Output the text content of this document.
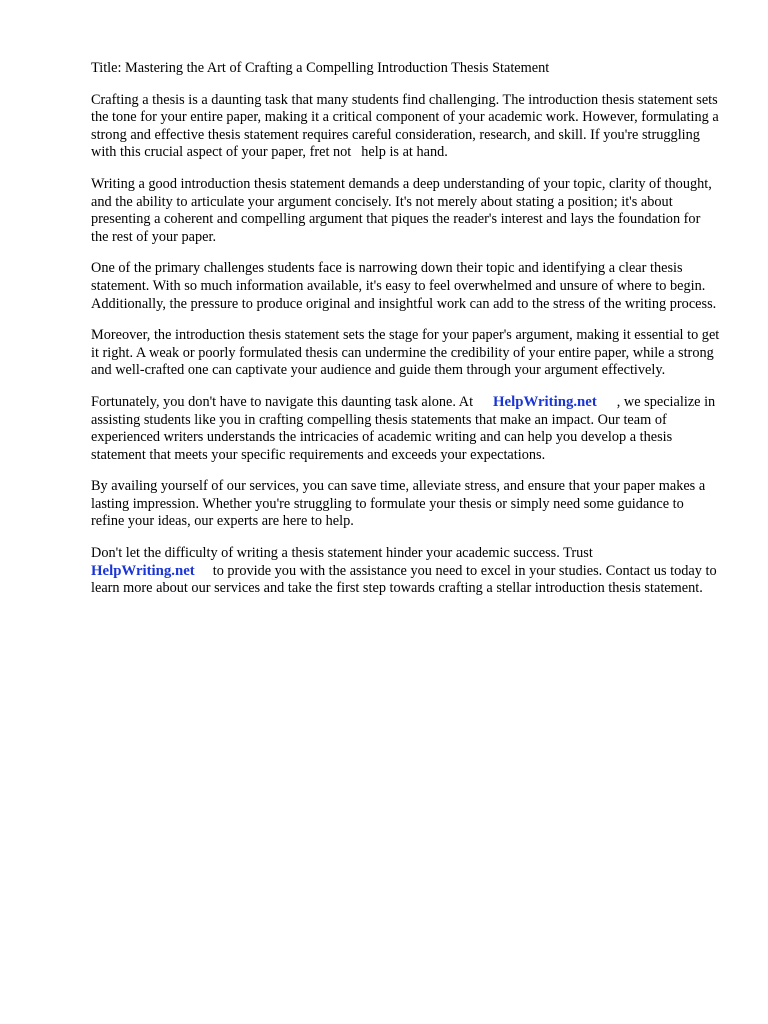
Title: Mastering the Art of Crafting a Compelling Introduction Thesis Statement

Crafting a thesis is a daunting task that many students find challenging. The introduction thesis statement sets the tone for your entire paper, making it a critical component of your academic work. However, formulating a strong and effective thesis statement requires careful consideration, research, and skill. If you're struggling with this crucial aspect of your paper, fret not help is at hand.

Writing a good introduction thesis statement demands a deep understanding of your topic, clarity of thought, and the ability to articulate your argument concisely. It's not merely about stating a position; it's about presenting a coherent and compelling argument that piques the reader's interest and lays the foundation for the rest of your paper.

One of the primary challenges students face is narrowing down their topic and identifying a clear thesis statement. With so much information available, it's easy to feel overwhelmed and unsure of where to begin. Additionally, the pressure to produce original and insightful work can add to the stress of the writing process.

Moreover, the introduction thesis statement sets the stage for your paper's argument, making it essential to get it right. A weak or poorly formulated thesis can undermine the credibility of your entire paper, while a strong and well-crafted one can captivate your audience and guide them through your argument effectively.

Fortunately, you don't have to navigate this daunting task alone. At HelpWriting.net , we specialize in assisting students like you in crafting compelling thesis statements that make an impact. Our team of experienced writers understands the intricacies of academic writing and can help you develop a thesis statement that meets your specific requirements and exceeds your expectations.

By availing yourself of our services, you can save time, alleviate stress, and ensure that your paper makes a lasting impression. Whether you're struggling to formulate your thesis or simply need some guidance to refine your ideas, our experts are here to help.

Don't let the difficulty of writing a thesis statement hinder your academic success. Trust HelpWriting.net to provide you with the assistance you need to excel in your studies. Contact us today to learn more about our services and take the first step towards crafting a stellar introduction thesis statement.
